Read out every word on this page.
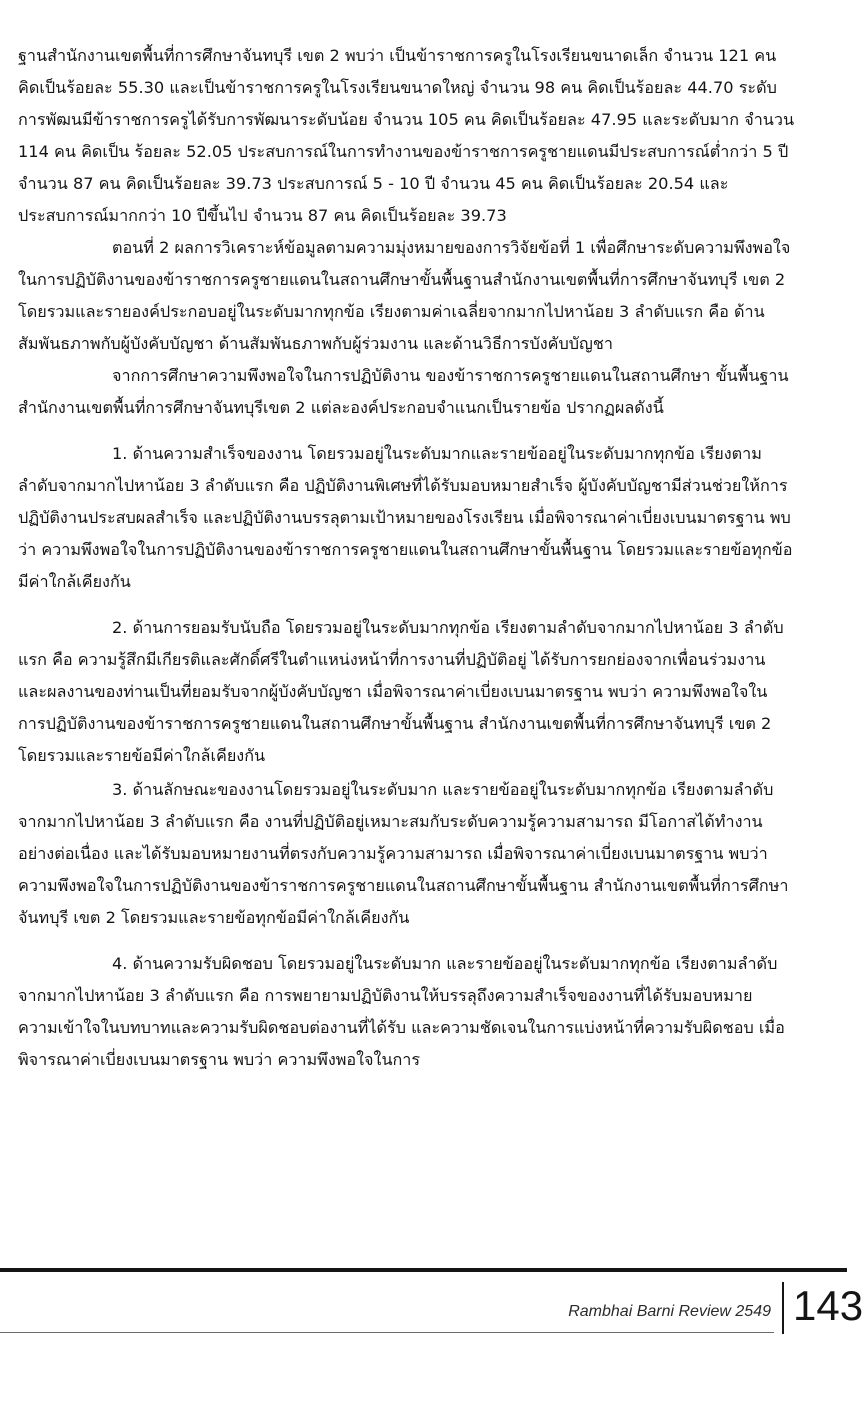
ฐานสำนักงานเขตพื้นที่การศึกษาจันทบุรี เขต 2 พบว่า เป็นข้าราชการครูในโรงเรียนขนาดเล็ก จำนวน 121 คน คิดเป็นร้อยละ 55.30 และเป็นข้าราชการครูในโรงเรียนขนาดใหญ่ จำนวน 98 คน คิดเป็นร้อยละ 44.70 ระดับการพัฒนมีข้าราชการครูได้รับการพัฒนาระดับน้อย จำนวน 105 คน คิดเป็นร้อยละ 47.95 และระดับมาก จำนวน 114 คน คิดเป็น ร้อยละ 52.05 ประสบการณ์ในการทำงานของข้าราชการครูชายแดนมีประสบการณ์ต่ำกว่า 5 ปี จำนวน 87 คน คิดเป็นร้อยละ 39.73 ประสบการณ์ 5 - 10 ปี จำนวน 45 คน คิดเป็นร้อยละ 20.54 และประสบการณ์มากกว่า 10 ปีขึ้นไป จำนวน 87 คน คิดเป็นร้อยละ 39.73

ตอนที่ 2 ผลการวิเคราะห์ข้อมูลตามความมุ่งหมายของการวิจัยข้อที่ 1 เพื่อศึกษาระดับความพึงพอใจในการปฏิบัติงานของข้าราชการครูชายแดนในสถานศึกษาขั้นพื้นฐานสำนักงานเขตพื้นที่การศึกษาจันทบุรี เขต 2 โดยรวมและรายองค์ประกอบอยู่ในระดับมากทุกข้อ เรียงตามค่าเฉลี่ยจากมากไปหาน้อย 3 ลำดับแรก คือ ด้านสัมพันธภาพกับผู้บังคับบัญชา ด้านสัมพันธภาพกับผู้ร่วมงาน และด้านวิธีการบังคับบัญชา

จากการศึกษาความพึงพอใจในการปฏิบัติงาน ของข้าราชการครูชายแดนในสถานศึกษา ขั้นพื้นฐาน สำนักงานเขตพื้นที่การศึกษาจันทบุรีเขต 2 แต่ละองค์ประกอบจำแนกเป็นรายข้อ ปรากฏผลดังนี้

1. ด้านความสำเร็จของงาน โดยรวมอยู่ในระดับมากและรายข้ออยู่ในระดับมากทุกข้อ เรียงตามลำดับจากมากไปหาน้อย 3 ลำดับแรก คือ ปฏิบัติงานพิเศษที่ได้รับมอบหมายสำเร็จ ผู้บังคับบัญชามีส่วนช่วยให้การปฏิบัติงานประสบผลสำเร็จ และปฏิบัติงานบรรลุตามเป้าหมายของโรงเรียน เมื่อพิจารณาค่าเบี่ยงเบนมาตรฐาน พบว่า ความพึงพอใจในการปฏิบัติงานของข้าราชการครูชายแดนในสถานศึกษาขั้นพื้นฐาน โดยรวมและรายข้อทุกข้อมีค่าใกล้เคียงกัน

2. ด้านการยอมรับนับถือ โดยรวมอยู่ในระดับมากทุกข้อ เรียงตามลำดับจากมากไปหาน้อย 3 ลำดับแรก คือ ความรู้สึกมีเกียรติและศักดิ์ศรีในตำแหน่งหน้าที่การงานที่ปฏิบัติอยู่ ได้รับการยกย่องจากเพื่อนร่วมงาน และผลงานของท่านเป็นที่ยอมรับจากผู้บังคับบัญชา เมื่อพิจารณาค่าเบี่ยงเบนมาตรฐาน พบว่า ความพึงพอใจในการปฏิบัติงานของข้าราชการครูชายแดนในสถานศึกษาขั้นพื้นฐาน สำนักงานเขตพื้นที่การศึกษาจันทบุรี เขต 2 โดยรวมและรายข้อมีค่าใกล้เคียงกัน

3. ด้านลักษณะของงานโดยรวมอยู่ในระดับมาก และรายข้ออยู่ในระดับมากทุกข้อ เรียงตามลำดับจากมากไปหาน้อย 3 ลำดับแรก คือ งานที่ปฏิบัติอยู่เหมาะสมกับระดับความรู้ความสามารถ มีโอกาสได้ทำงานอย่างต่อเนื่อง และได้รับมอบหมายงานที่ตรงกับความรู้ความสามารถ เมื่อพิจารณาค่าเบี่ยงเบนมาตรฐาน พบว่า ความพึงพอใจในการปฏิบัติงานของข้าราชการครูชายแดนในสถานศึกษาขั้นพื้นฐาน สำนักงานเขตพื้นที่การศึกษาจันทบุรี เขต 2 โดยรวมและรายข้อทุกข้อมีค่าใกล้เคียงกัน

4. ด้านความรับผิดชอบ โดยรวมอยู่ในระดับมาก และรายข้ออยู่ในระดับมากทุกข้อ เรียงตามลำดับจากมากไปหาน้อย 3 ลำดับแรก คือ การพยายามปฏิบัติงานให้บรรลุถึงความสำเร็จของงานที่ได้รับมอบหมาย ความเข้าใจในบทบาทและความรับผิดชอบต่องานที่ได้รับ และความชัดเจนในการแบ่งหน้าที่ความรับผิดชอบ เมื่อพิจารณาค่าเบี่ยงเบนมาตรฐาน พบว่า ความพึงพอใจในการ

Rambhai Barni Review 2549 143
